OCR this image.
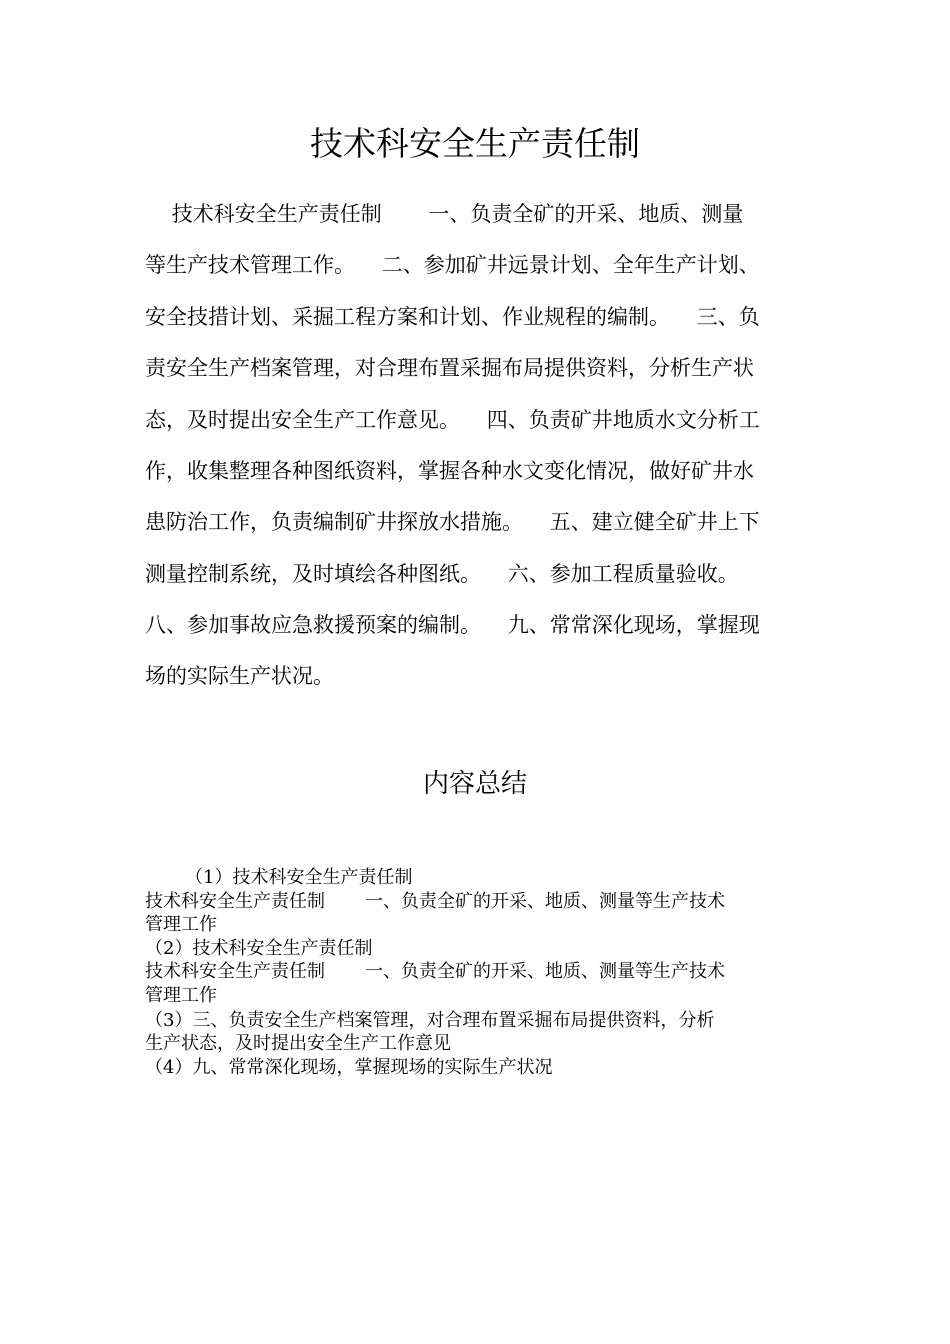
技术科安全生产责任制

技术科安全生产责任制       一、负责全矿的开采、地质、测量

等生产技术管理工作。    二、参加矿井远景计划、全年生产计划、

安全技措计划、采掘工程方案和计划、作业规程的编制。    三、负

责安全生产档案管理，对合理布置采掘布局提供资料，分析生产状

态，及时提出安全生产工作意见。    四、负责矿井地质水文分析工

作，收集整理各种图纸资料，掌握各种水文变化情况，做好矿井水

患防治工作，负责编制矿井探放水措施。    五、建立健全矿井上下

测量控制系统，及时填绘各种图纸。    六、参加工程质量验收。

八、参加事故应急救援预案的编制。    九、常常深化现场，掌握现

场的实际生产状况。

内容总结

（1）技术科安全生产责任制

技术科安全生产责任制       一、负责全矿的开采、地质、测量等生产技术

管理工作

（2）技术科安全生产责任制

技术科安全生产责任制       一、负责全矿的开采、地质、测量等生产技术

管理工作

（3）三、负责安全生产档案管理，对合理布置采掘布局提供资料，分析

生产状态，及时提出安全生产工作意见

（4）九、常常深化现场，掌握现场的实际生产状况
